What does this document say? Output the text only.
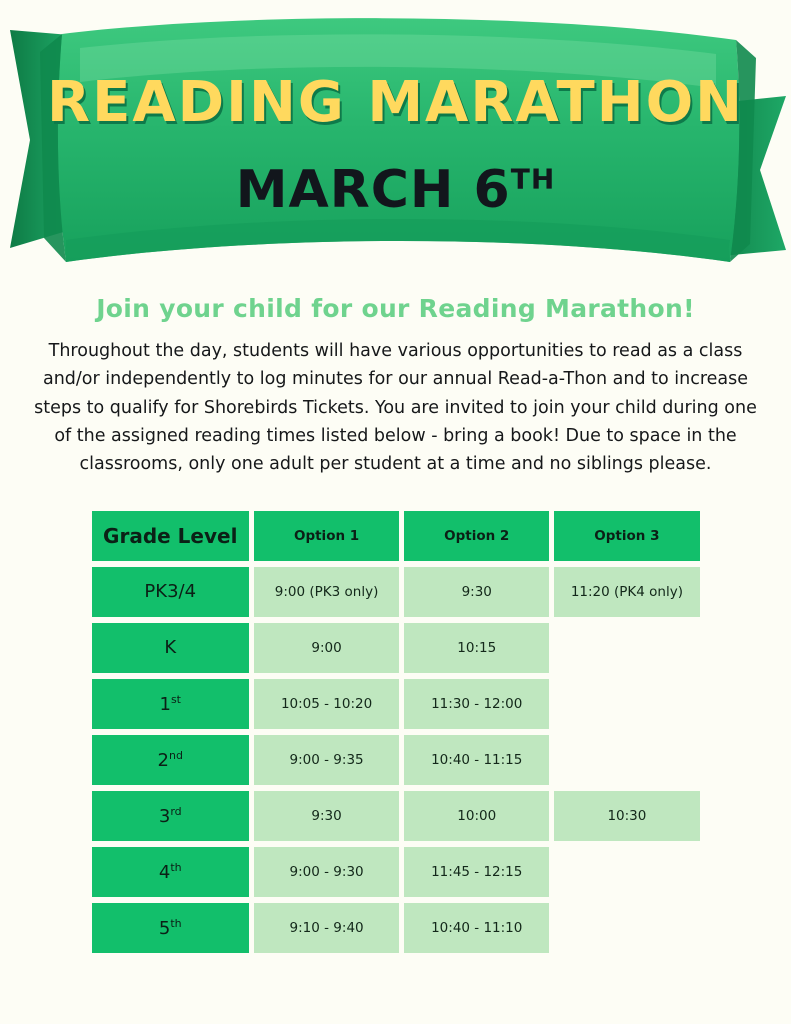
READING MARATHON
MARCH 6TH
Join your child for our Reading Marathon!

Throughout the day, students will have various opportunities to read as a class and/or independently to log minutes for our annual Read-a-Thon and to increase steps to qualify for Shorebirds Tickets. You are invited to join your child during one of the assigned reading times listed below - bring a book! Due to space in the classrooms, only one adult per student at a time and no siblings please.

Grade Level	Option 1	Option 2	Option 3
PK3/4	9:00 (PK3 only)	9:30	11:20 (PK4 only)
K	9:00	10:15	
1st	10:05 - 10:20	11:30 - 12:00	
2nd	9:00 - 9:35	10:40 - 11:15	
3rd	9:30	10:00	10:30
4th	9:00 - 9:30	11:45 - 12:15	
5th	9:10 - 9:40	10:40 - 11:10	
